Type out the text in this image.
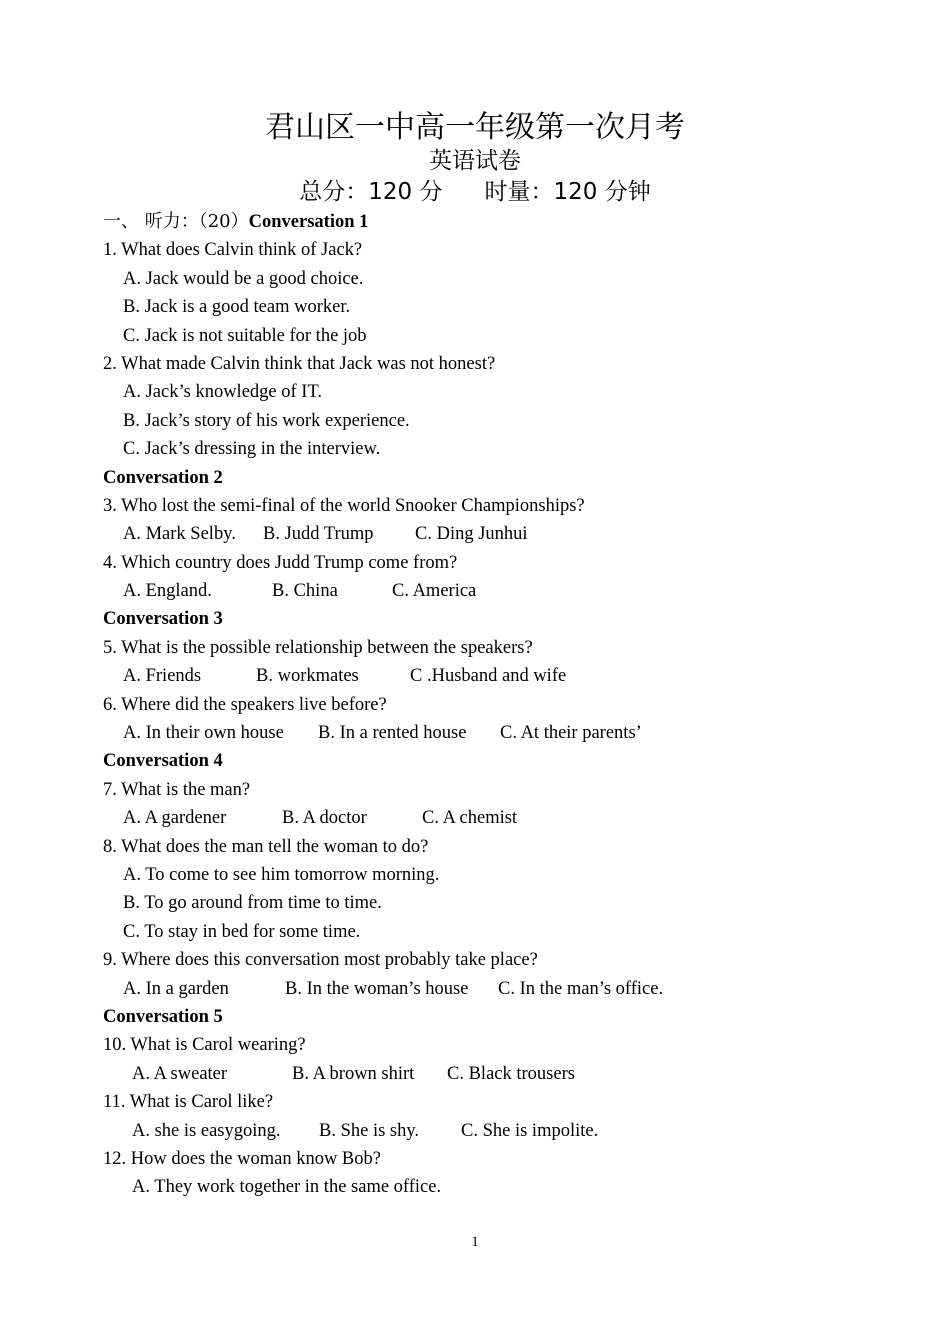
君山区一中高一年级第一次月考
英语试卷
总分：120 分 时量：120 分钟
一、 听力：（20）Conversation 1
1. What does Calvin think of Jack?
A. Jack would be a good choice.
B. Jack is a good team worker.
C. Jack is not suitable for the job
2. What made Calvin think that Jack was not honest?
A. Jack’s knowledge of IT.
B. Jack’s story of his work experience.
C. Jack’s dressing in the interview.
Conversation 2
3. Who lost the semi-final of the world Snooker Championships?
A. Mark Selby. B. Judd Trump C. Ding Junhui
4. Which country does Judd Trump come from?
A. England.	B. China	C. America
Conversation 3
5. What is the possible relationship between the speakers?
A. Friends	B. workmates	C .Husband and wife
6. Where did the speakers live before?
A. In their own house B. In a rented house C. At their parents’
Conversation 4
7. What is the man?
A. A gardener	B. A doctor	C. A chemist
8. What does the man tell the woman to do?
A. To come to see him tomorrow morning.
B. To go around from time to time.
C. To stay in bed for some time.
9. Where does this conversation most probably take place?
A. In a garden	B. In the woman’s house C. In the man’s office.
Conversation 5
10. What is Carol wearing?
A. A sweater	B. A brown shirt C. Black trousers
11. What is Carol like?
A. she is easygoing. B. She is shy. C. She is impolite.
12. How does the woman know Bob?
A. They work together in the same office.
1
